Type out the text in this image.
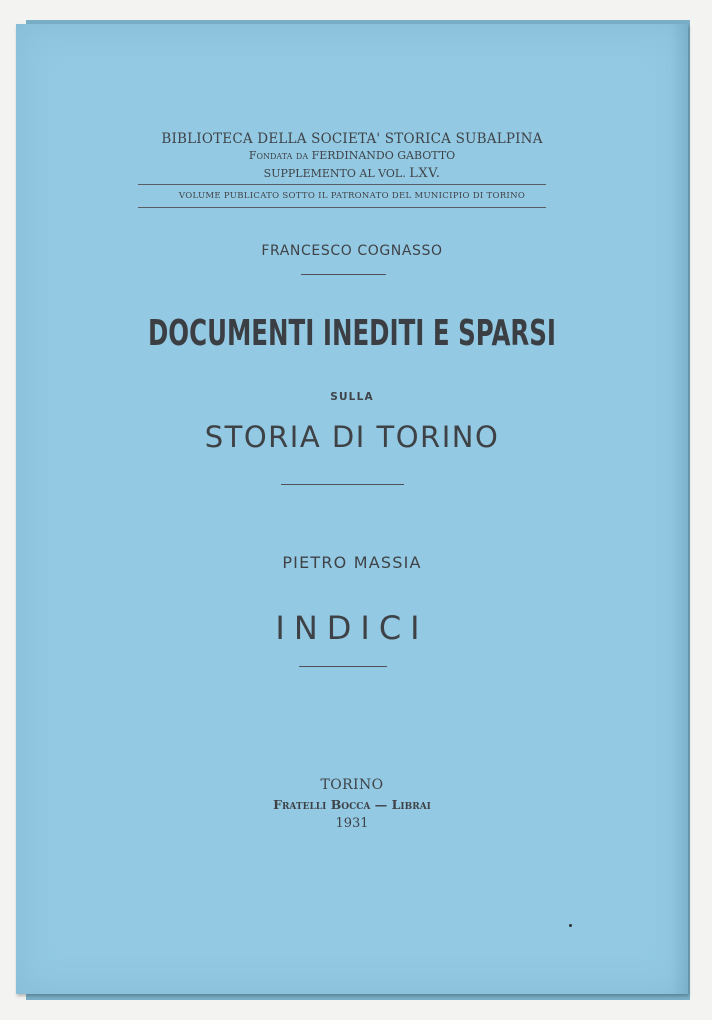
BIBLIOTECA DELLA SOCIETA' STORICA SUBALPINA
Fondata da FERDINANDO GABOTTO
SUPPLEMENTO AL VOL. LXV.
VOLUME PUBLICATO SOTTO IL PATRONATO DEL MUNICIPIO DI TORINO
FRANCESCO COGNASSO
DOCUMENTI INEDITI E SPARSI
SULLA
STORIA DI TORINO
PIETRO MASSIA
INDICI
TORINO
Fratelli Bocca — Librai
1931
